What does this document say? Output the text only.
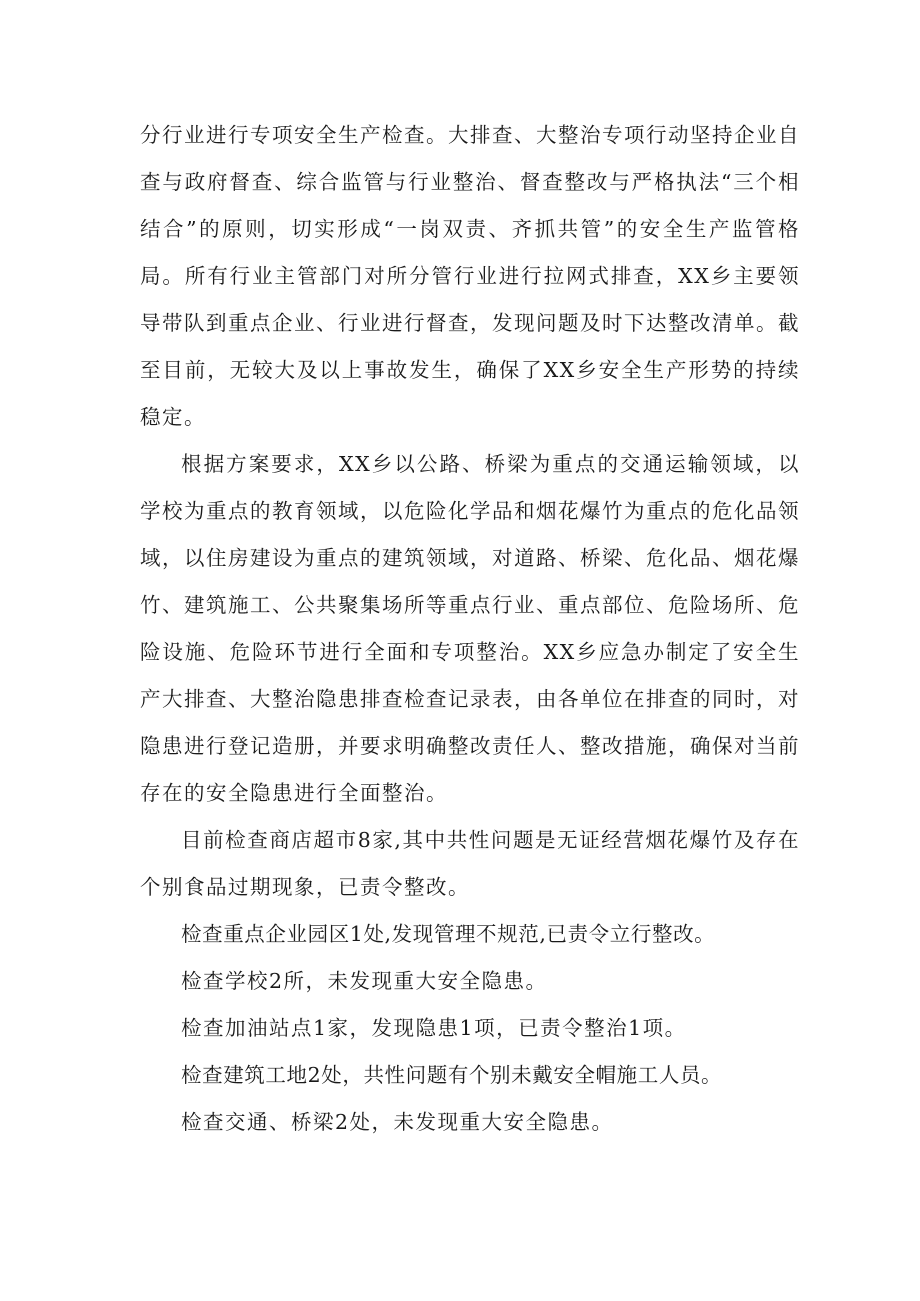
分行业进行专项安全生产检查。大排查、大整治专项行动坚持企业自查与政府督查、综合监管与行业整治、督查整改与严格执法“三个相结合”的原则，切实形成“一岗双责、齐抓共管”的安全生产监管格局。所有行业主管部门对所分管行业进行拉网式排查，XX乡主要领导带队到重点企业、行业进行督查，发现问题及时下达整改清单。截至目前，无较大及以上事故发生，确保了XX乡安全生产形势的持续稳定。

根据方案要求，XX乡以公路、桥梁为重点的交通运输领域，以学校为重点的教育领域，以危险化学品和烟花爆竹为重点的危化品领域，以住房建设为重点的建筑领域，对道路、桥梁、危化品、烟花爆竹、建筑施工、公共聚集场所等重点行业、重点部位、危险场所、危险设施、危险环节进行全面和专项整治。XX乡应急办制定了安全生产大排查、大整治隐患排查检查记录表，由各单位在排查的同时，对隐患进行登记造册，并要求明确整改责任人、整改措施，确保对当前存在的安全隐患进行全面整治。

目前检查商店超市8家,其中共性问题是无证经营烟花爆竹及存在个别食品过期现象，已责令整改。

检查重点企业园区1处,发现管理不规范,已责令立行整改。

检查学校2所，未发现重大安全隐患。

检查加油站点1家，发现隐患1项，已责令整治1项。

检查建筑工地2处，共性问题有个别未戴安全帽施工人员。

检查交通、桥梁2处，未发现重大安全隐患。
